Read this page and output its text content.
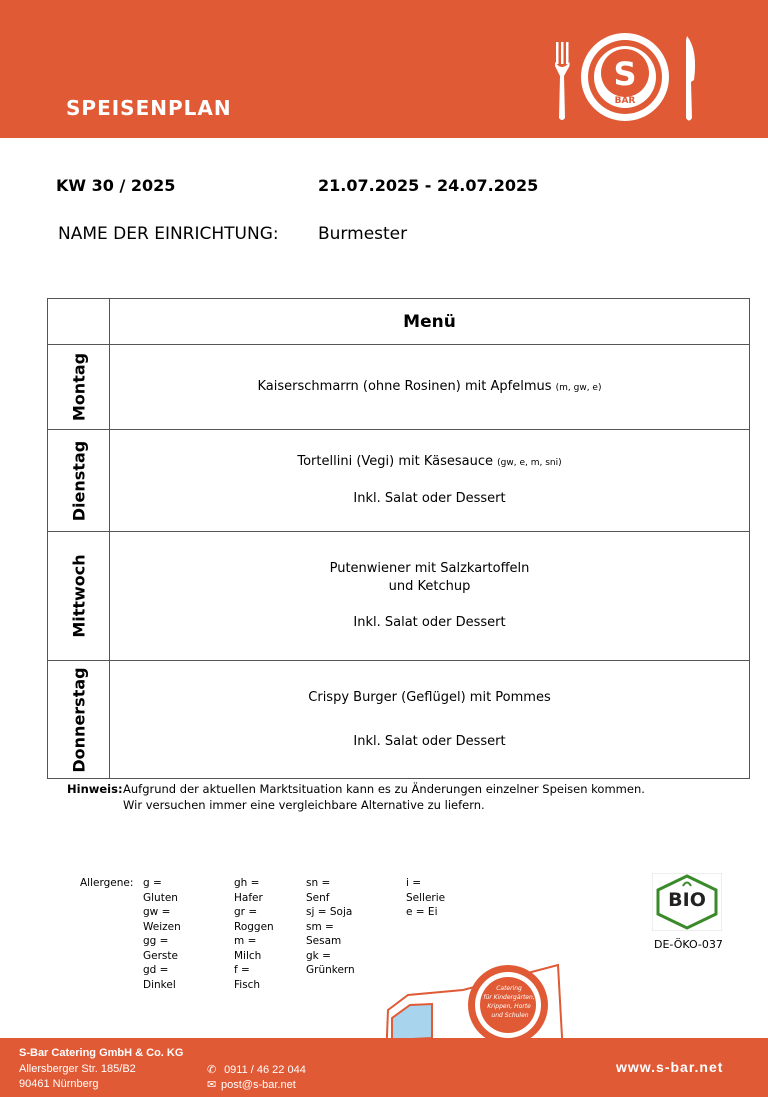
SPEISENPLAN
S
BAR
KW 30 / 2025	21.07.2025 - 24.07.2025
NAME DER EINRICHTUNG: Burmester
	Menü

Montag	Kaiserschmarrn (ohne Rosinen) mit Apfelmus (m, gw, e)

Dienstag	Tortellini (Vegi) mit Käsesauce (gw, e, m, sni)
Inkl. Salat oder Dessert

Mittwoch	Putenwiener mit Salzkartoffeln
und Ketchup
Inkl. Salat oder Dessert

Donnerstag	Crispy Burger (Geflügel) mit Pommes
Inkl. Salat oder Dessert
Hinweis:Aufgrund der aktuellen Marktsituation kann es zu Änderungen einzelner Speisen kommen.
Wir versuchen immer eine vergleichbare Alternative zu liefern.
Allergene: g = Gluten
gw = Weizen
gg = Gerste
gd = Dinkel
gh = Hafer
gr = Roggen
m = Milch
f = Fisch
sn = Senf
sj = Soja
sm = Sesam
gk = Grünkern
i = Sellerie
e = Ei
BIO
DE-ÖKO-037
Catering für Kindergärten, Krippen, Horte und Schulen
S-Bar Catering GmbH & Co. KG
Allersberger Str. 185/B2
90461 Nürnberg
✆ 0911 / 46 22 044
✉ post@s-bar.net
www.s-bar.net
